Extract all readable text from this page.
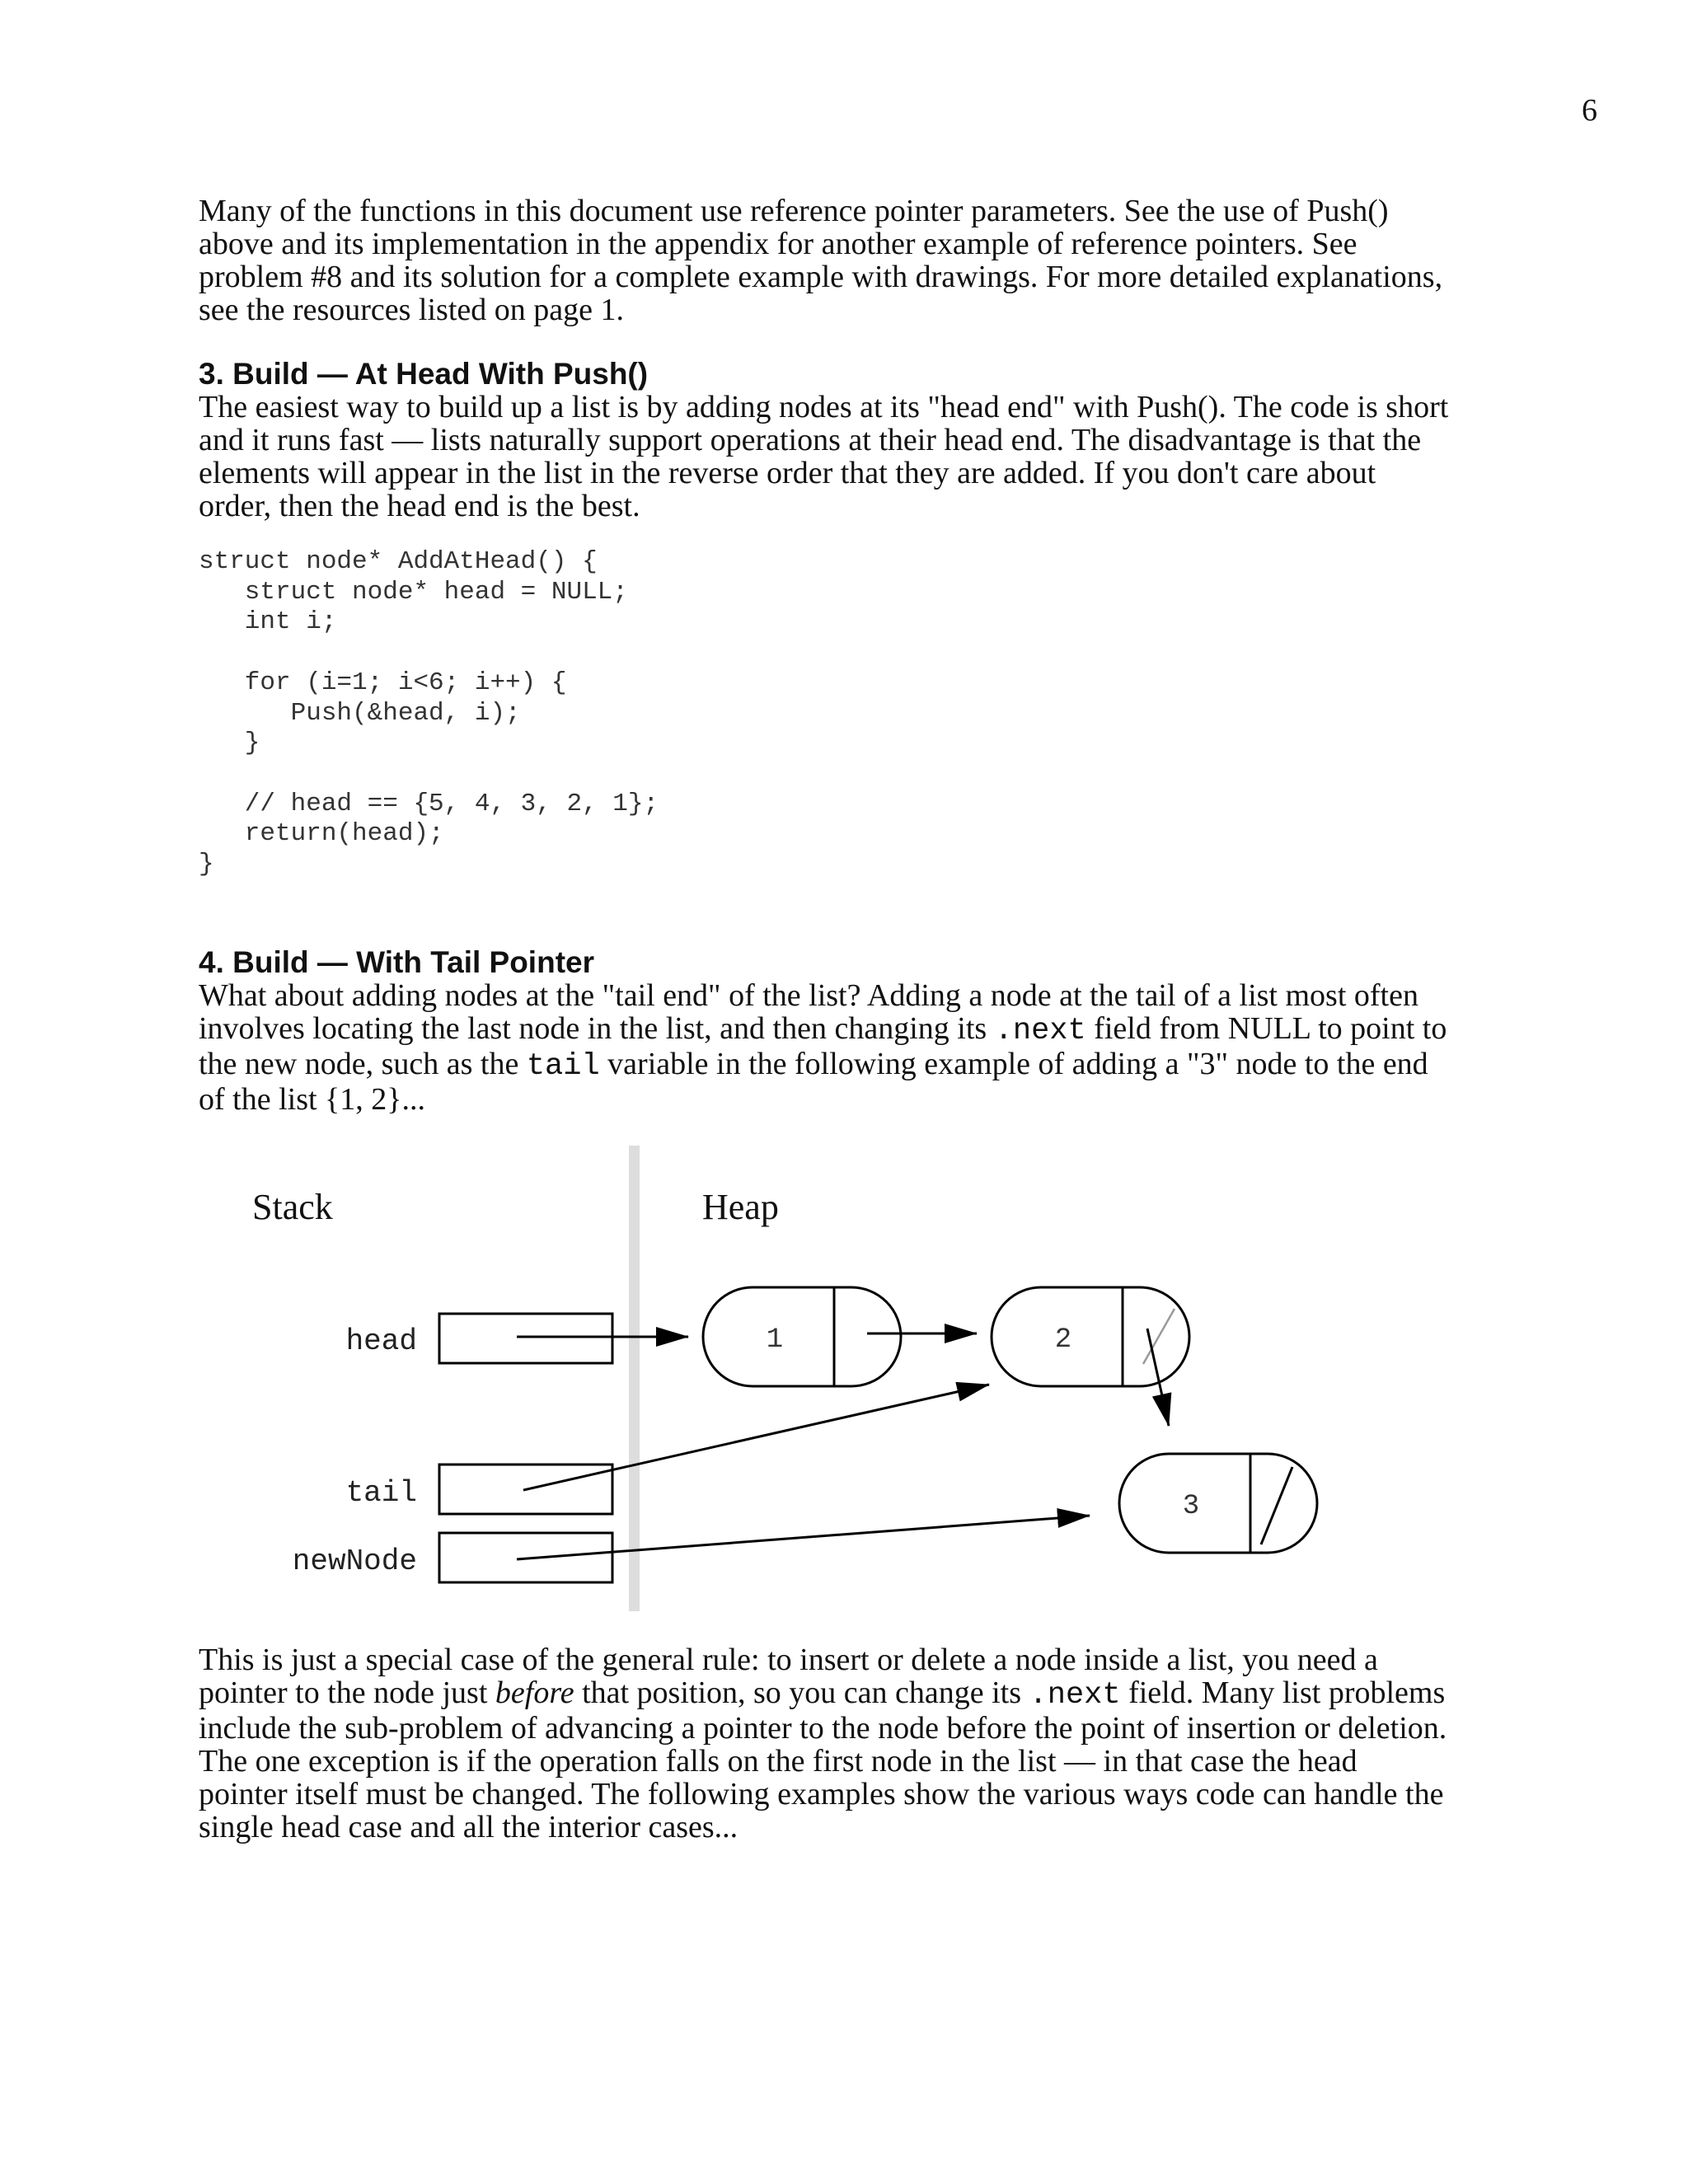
6

Many of the functions in this document use reference pointer parameters. See the use of Push() above and its implementation in the appendix for another example of reference pointers. See problem #8 and its solution for a complete example with drawings. For more detailed explanations, see the resources listed on page 1.

3. Build — At Head With Push()

The easiest way to build up a list is by adding nodes at its "head end" with Push(). The code is short and it runs fast — lists naturally support operations at their head end. The disadvantage is that the elements will appear in the list in the reverse order that they are added. If you don't care about order, then the head end is the best.

struct node* AddAtHead() {
struct node* head = NULL;
int i;

for (i=1; i<6; i++) {
Push(&head, i);
}

// head == {5, 4, 3, 2, 1};
return(head);
}
4. Build — With Tail Pointer

What about adding nodes at the "tail end" of the list? Adding a node at the tail of a list most often involves locating the last node in the list, and then changing its .next field from NULL to point to the new node, such as the tail variable in the following example of adding a "3" node to the end of the list {1, 2}...

Stack	Heap
head
tail
newNode
1	2
3

This is just a special case of the general rule: to insert or delete a node inside a list, you need a pointer to the node just before that position, so you can change its .next field. Many list problems include the sub-problem of advancing a pointer to the node before the point of insertion or deletion. The one exception is if the operation falls on the first node in the list — in that case the head pointer itself must be changed. The following examples show the various ways code can handle the single head case and all the interior cases...
